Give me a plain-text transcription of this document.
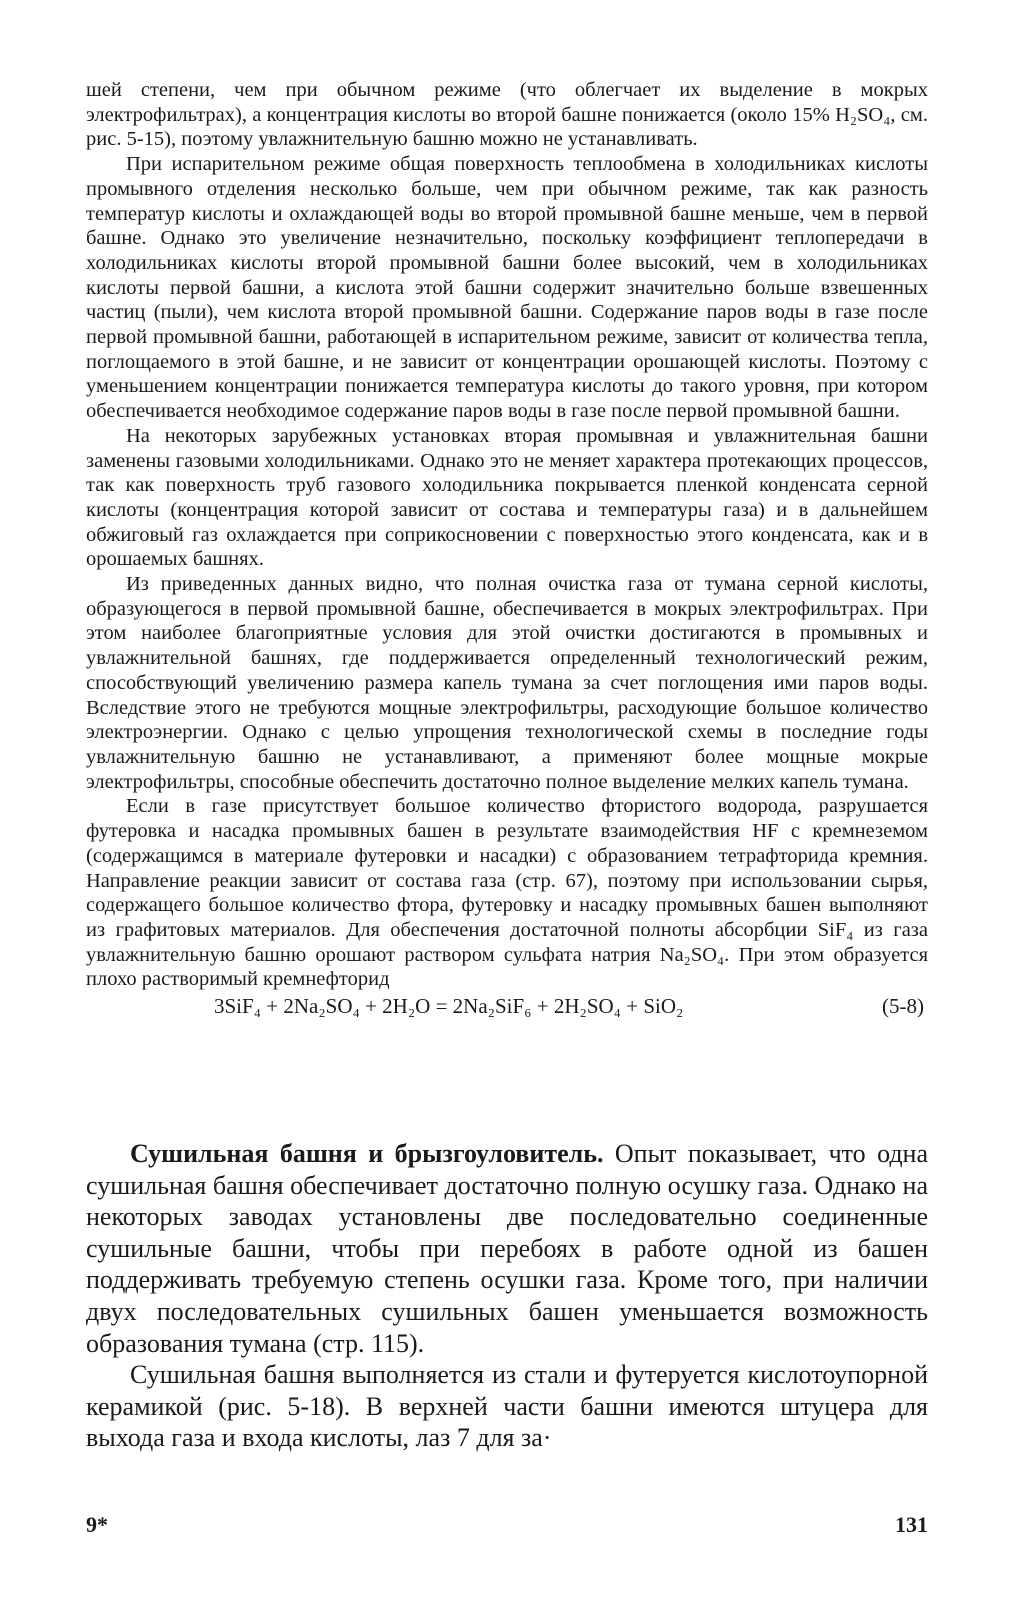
шей степени, чем при обычном режиме (что облегчает их выделение в мокрых электрофильтрах), а концентрация кислоты во второй башне понижается (около 15% H₂SO₄, см. рис. 5-15), поэтому увлажнительную башню можно не устанавливать.

При испарительном режиме общая поверхность теплообмена в холодильниках кислоты промывного отделения несколько больше, чем при обычном режиме, так как разность температур кислоты и охлаждающей воды во второй промывной башне меньше, чем в первой башне. Однако это увеличение незначительно, поскольку коэффициент теплопередачи в холодильниках кислоты второй промывной башни более высокий, чем в холодильниках кислоты первой башни, а кислота этой башни содержит значительно больше взвешенных частиц (пыли), чем кислота второй промывной башни. Содержание паров воды в газе после первой промывной башни, работающей в испарительном режиме, зависит от количества тепла, поглощаемого в этой башне, и не зависит от концентрации орошающей кислоты. Поэтому с уменьшением концентрации понижается температура кислоты до такого уровня, при котором обеспечивается необходимое содержание паров воды в газе после первой промывной башни.

На некоторых зарубежных установках вторая промывная и увлажнительная башни заменены газовыми холодильниками. Однако это не меняет характера протекающих процессов, так как поверхность труб газового холодильника покрывается пленкой конденсата серной кислоты (концентрация которой зависит от состава и температуры газа) и в дальнейшем обжиговый газ охлаждается при соприкосновении с поверхностью этого конденсата, как и в орошаемых башнях.

Из приведенных данных видно, что полная очистка газа от тумана серной кислоты, образующегося в первой промывной башне, обеспечивается в мокрых электрофильтрах. При этом наиболее благоприятные условия для этой очистки достигаются в промывных и увлажнительной башнях, где поддерживается определенный технологический режим, способствующий увеличению размера капель тумана за счет поглощения ими паров воды. Вследствие этого не требуются мощные электрофильтры, расходующие большое количество электроэнергии. Однако с целью упрощения технологической схемы в последние годы увлажнительную башню не устанавливают, а применяют более мощные мокрые электрофильтры, способные обеспечить достаточно полное выделение мелких капель тумана.

Если в газе присутствует большое количество фтористого водорода, разрушается футеровка и насадка промывных башен в результате взаимодействия HF с кремнеземом (содержащимся в материале футеровки и насадки) с образованием тетрафторида кремния. Направление реакции зависит от состава газа (стр. 67), поэтому при использовании сырья, содержащего большое количество фтора, футеровку и насадку промывных башен выполняют из графитовых материалов. Для обеспечения достаточной полноты абсорбции SiF₄ из газа увлажнительную башню орошают раствором сульфата натрия Na₂SO₄. При этом образуется плохо растворимый кремнефторид

3SiF₄ + 2Na₂SO₄ + 2H₂O = 2Na₂SiF₆ + 2H₂SO₄ + SiO₂	(5-8)

Сушильная башня и брызгоуловитель. Опыт показывает, что одна сушильная башня обеспечивает достаточно полную осушку газа. Однако на некоторых заводах установлены две последовательно соединенные сушильные башни, чтобы при перебоях в работе одной из башен поддерживать требуемую степень осушки газа. Кроме того, при наличии двух последовательных сушильных башен уменьшается возможность образования тумана (стр. 115).

Сушильная башня выполняется из стали и футеруется кислотоупорной керамикой (рис. 5-18). В верхней части башни имеются штуцера для выхода газа и входа кислоты, лаз 7 для за·

9*	131
